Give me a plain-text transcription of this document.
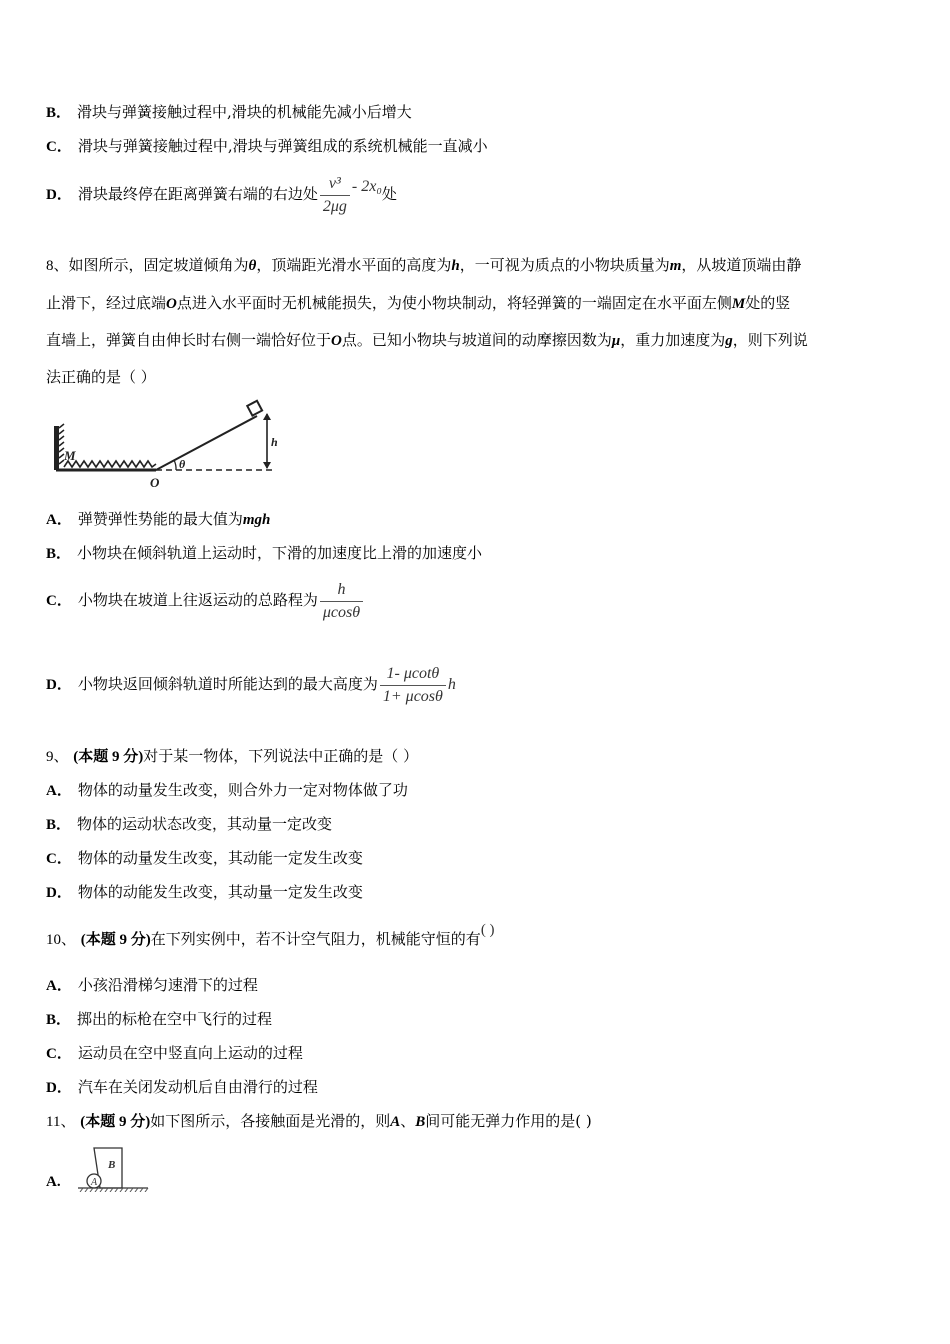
B． 滑块与弹簧接触过程中,滑块的机械能先减小后增大
C． 滑块与弹簧接触过程中,滑块与弹簧组成的系统机械能一直减小
D． 滑块最终停在距离弹簧右端的右边处 $\frac{\text{v³}}{2\mu g} - 2x_0$处
8、如图所示，固定坡道倾角为θ，顶端距光滑水平面的高度为h，一可视为质点的小物块质量为m，从坡道顶端由静
止滑下，经过底端O点进入水平面时无机械能损失，为使小物块制动，将轻弹簧的一端固定在水平面左侧M处的竖
直墙上，弹簧自由伸长时右侧一端恰好位于O点。已知小物块与坡道间的动摩擦因数为μ，重力加速度为g，则下列说
法正确的是（ ）
M
O
θ
h
A． 弹赞弹性势能的最大值为mgh
B． 小物块在倾斜轨道上运动时，下滑的加速度比上滑的加速度小
C． 小物块在坡道上往返运动的总路程为 $\frac{h}{\mu\cos\theta}$
D． 小物块返回倾斜轨道时所能达到的最大高度为 $\frac{1- \mu\cot\theta}{1+ \mu\cos\theta}$ h
9、 (本题 9 分)对于某一物体，下列说法中正确的是（ ）
A． 物体的动量发生改变，则合外力一定对物体做了功
B． 物体的运动状态改变，其动量一定改变
C． 物体的动量发生改变，其动能一定发生改变
D． 物体的动能发生改变，其动量一定发生改变
10、 (本题 9 分)在下列实例中，若不计空气阻力，机械能守恒的有( )
A． 小孩沿滑梯匀速滑下的过程
B． 掷出的标枪在空中飞行的过程
C． 运动员在空中竖直向上运动的过程
D． 汽车在关闭发动机后自由滑行的过程
11、 (本题 9 分)如下图所示，各接触面是光滑的，则A、B间可能无弹力作用的是( )
A.	A
B
